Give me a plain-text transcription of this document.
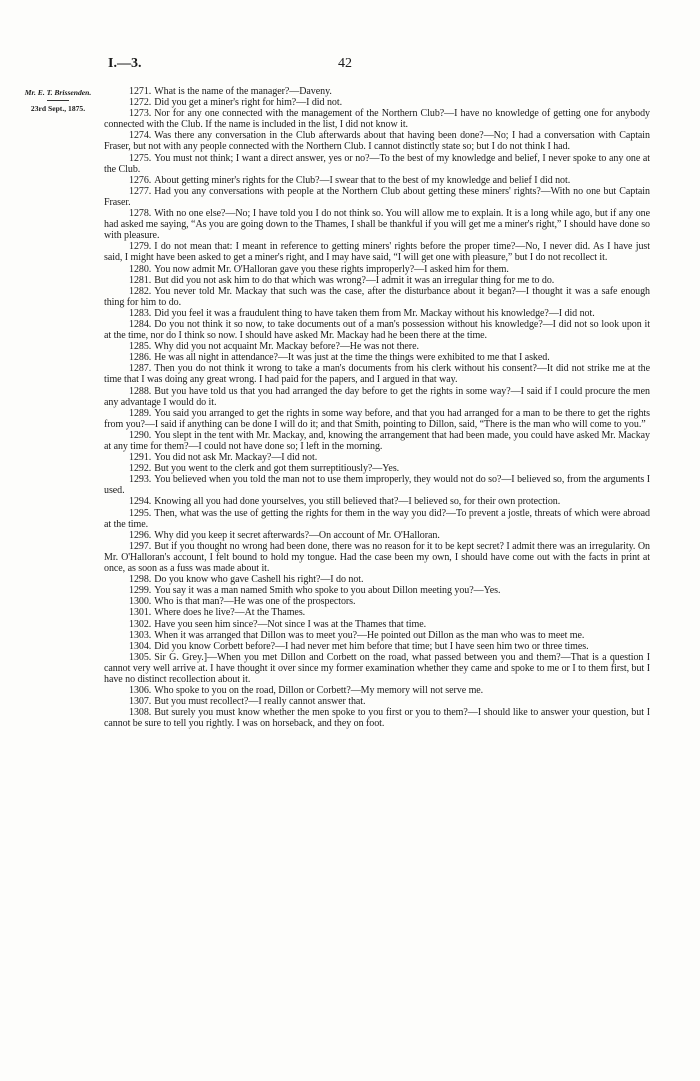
I.—3.	42
Mr. E. T. Brissenden.
23rd Sept., 1875.

1271. What is the name of the manager?—Daveny.

1272. Did you get a miner's right for him?—I did not.

1273. Nor for any one connected with the management of the Northern Club?—I have no knowledge of getting one for anybody connected with the Club. If the name is included in the list, I did not know it.

1274. Was there any conversation in the Club afterwards about that having been done?—No; I had a conversation with Captain Fraser, but not with any people connected with the Northern Club. I cannot distinctly state so; but I do not think I had.

1275. You must not think; I want a direct answer, yes or no?—To the best of my knowledge and belief, I never spoke to any one at the Club.

1276. About getting miner's rights for the Club?—I swear that to the best of my knowledge and belief I did not.

1277. Had you any conversations with people at the Northern Club about getting these miners' rights?—With no one but Captain Fraser.

1278. With no one else?—No; I have told you I do not think so. You will allow me to explain. It is a long while ago, but if any one had asked me saying, “As you are going down to the Thames, I shall be thankful if you will get me a miner's right,” I should have done so with pleasure.

1279. I do not mean that: I meant in reference to getting miners' rights before the proper time?—No, I never did. As I have just said, I might have been asked to get a miner's right, and I may have said, “I will get one with pleasure,” but I do not recollect it.

1280. You now admit Mr. O'Halloran gave you these rights improperly?—I asked him for them.

1281. But did you not ask him to do that which was wrong?—I admit it was an irregular thing for me to do.

1282. You never told Mr. Mackay that such was the case, after the disturbance about it began?—I thought it was a safe enough thing for him to do.

1283. Did you feel it was a fraudulent thing to have taken them from Mr. Mackay without his knowledge?—I did not.

1284. Do you not think it so now, to take documents out of a man's possession without his knowledge?—I did not so look upon it at the time, nor do I think so now. I should have asked Mr. Mackay had he been there at the time.

1285. Why did you not acquaint Mr. Mackay before?—He was not there.

1286. He was all night in attendance?—It was just at the time the things were exhibited to me that I asked.

1287. Then you do not think it wrong to take a man's documents from his clerk without his consent?—It did not strike me at the time that I was doing any great wrong. I had paid for the papers, and I argued in that way.

1288. But you have told us that you had arranged the day before to get the rights in some way?—I said if I could procure the men any advantage I would do it.

1289. You said you arranged to get the rights in some way before, and that you had arranged for a man to be there to get the rights from you?—I said if anything can be done I will do it; and that Smith, pointing to Dillon, said, “There is the man who will come to you.”

1290. You slept in the tent with Mr. Mackay, and, knowing the arrangement that had been made, you could have asked Mr. Mackay at any time for them?—I could not have done so; I left in the morning.

1291. You did not ask Mr. Mackay?—I did not.

1292. But you went to the clerk and got them surreptitiously?—Yes.

1293. You believed when you told the man not to use them improperly, they would not do so?—I believed so, from the arguments I used.

1294. Knowing all you had done yourselves, you still believed that?—I believed so, for their own protection.

1295. Then, what was the use of getting the rights for them in the way you did?—To prevent a jostle, threats of which were abroad at the time.

1296. Why did you keep it secret afterwards?—On account of Mr. O'Halloran.

1297. But if you thought no wrong had been done, there was no reason for it to be kept secret? I admit there was an irregularity. On Mr. O'Halloran's account, I felt bound to hold my tongue. Had the case been my own, I should have come out with the facts in print at once, as soon as a fuss was made about it.

1298. Do you know who gave Cashell his right?—I do not.

1299. You say it was a man named Smith who spoke to you about Dillon meeting you?—Yes.

1300. Who is that man?—He was one of the prospectors.

1301. Where does he live?—At the Thames.

1302. Have you seen him since?—Not since I was at the Thames that time.

1303. When it was arranged that Dillon was to meet you?—He pointed out Dillon as the man who was to meet me.

1304. Did you know Corbett before?—I had never met him before that time; but I have seen him two or three times.

1305. Sir G. Grey.]—When you met Dillon and Corbett on the road, what passed between you and them?—That is a question I cannot very well arrive at. I have thought it over since my former examination whether they came and spoke to me or I to them first, but I have no distinct recollection about it.

1306. Who spoke to you on the road, Dillon or Corbett?—My memory will not serve me.

1307. But you must recollect?—I really cannot answer that.

1308. But surely you must know whether the men spoke to you first or you to them?—I should like to answer your question, but I cannot be sure to tell you rightly. I was on horseback, and they on foot.
